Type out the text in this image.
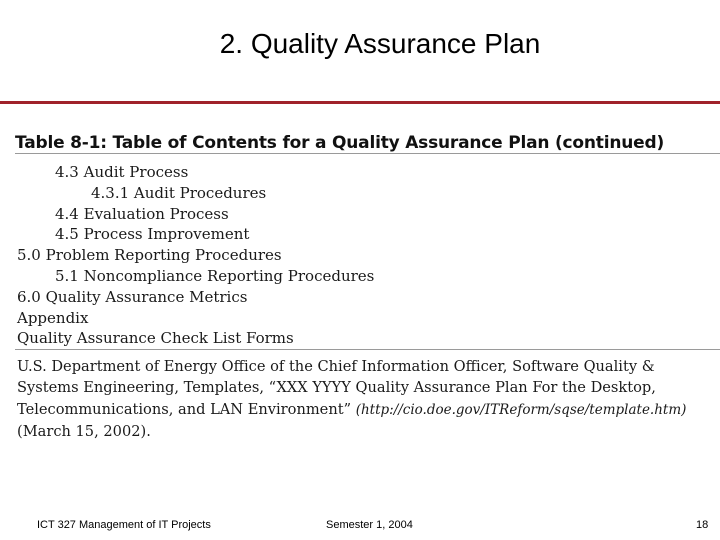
2. Quality Assurance Plan
Table 8-1: Table of Contents for a Quality Assurance Plan (continued)
4.3 Audit Process
4.3.1 Audit Procedures
4.4 Evaluation Process
4.5 Process Improvement
5.0 Problem Reporting Procedures
5.1 Noncompliance Reporting Procedures
6.0 Quality Assurance Metrics
Appendix
Quality Assurance Check List Forms
U.S. Department of Energy Office of the Chief Information Officer, Software Quality &
Systems Engineering, Templates, “XXX YYYY Quality Assurance Plan For the Desktop,
Telecommunications, and LAN Environment” (http://cio.doe.gov/ITReform/sqse/template.htm)
(March 15, 2002).
ICT 327 Management of IT Projects	Semester 1, 2004	18
